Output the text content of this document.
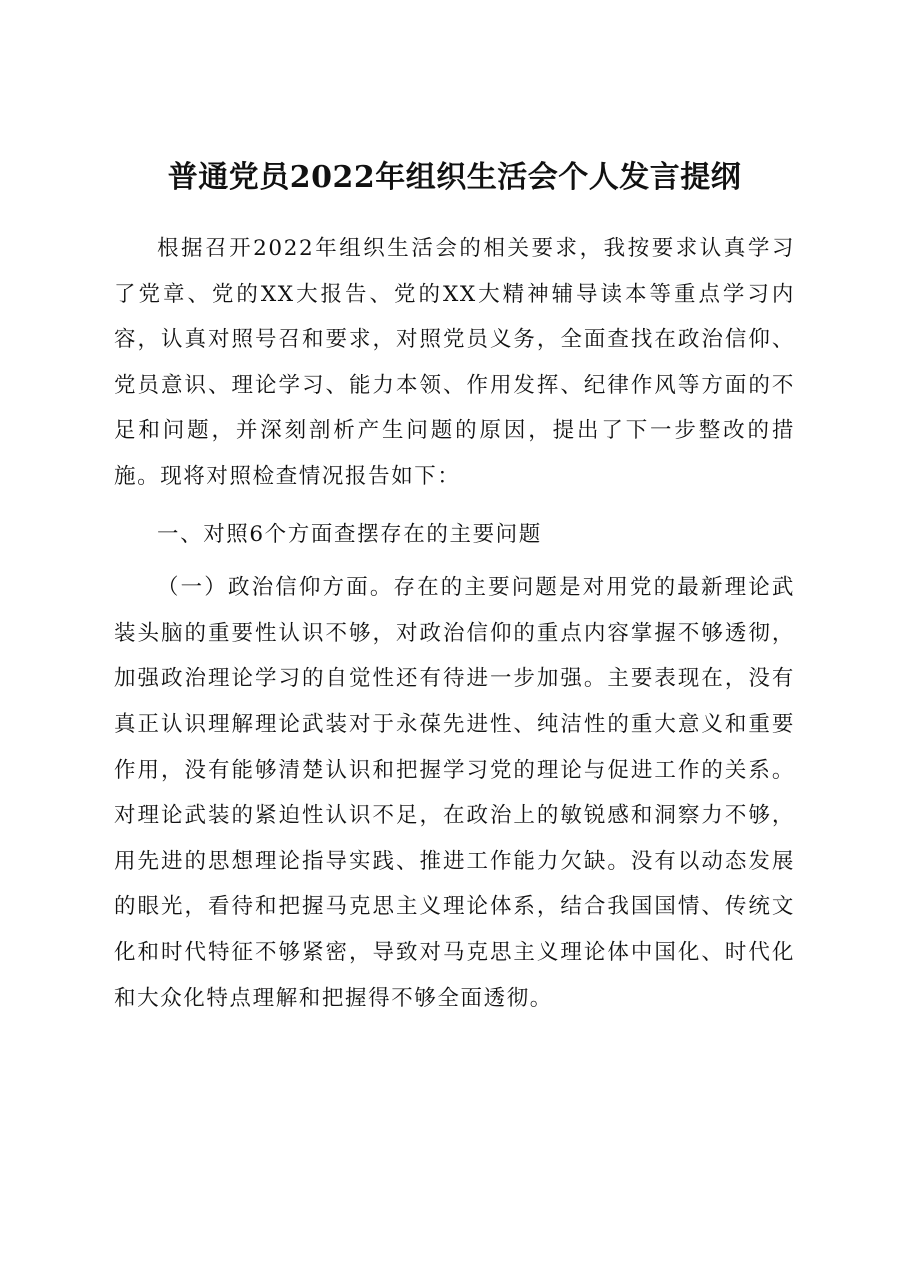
普通党员2022年组织生活会个人发言提纲

根据召开2022年组织生活会的相关要求，我按要求认真学习了党章、党的XX大报告、党的XX大精神辅导读本等重点学习内容，认真对照号召和要求，对照党员义务，全面查找在政治信仰、党员意识、理论学习、能力本领、作用发挥、纪律作风等方面的不足和问题，并深刻剖析产生问题的原因，提出了下一步整改的措施。现将对照检查情况报告如下：

一、对照6个方面查摆存在的主要问题

（一）政治信仰方面。存在的主要问题是对用党的最新理论武装头脑的重要性认识不够，对政治信仰的重点内容掌握不够透彻，加强政治理论学习的自觉性还有待进一步加强。主要表现在，没有真正认识理解理论武装对于永葆先进性、纯洁性的重大意义和重要作用，没有能够清楚认识和把握学习党的理论与促进工作的关系。对理论武装的紧迫性认识不足，在政治上的敏锐感和洞察力不够，用先进的思想理论指导实践、推进工作能力欠缺。没有以动态发展的眼光，看待和把握马克思主义理论体系，结合我国国情、传统文化和时代特征不够紧密，导致对马克思主义理论体中国化、时代化和大众化特点理解和把握得不够全面透彻。
